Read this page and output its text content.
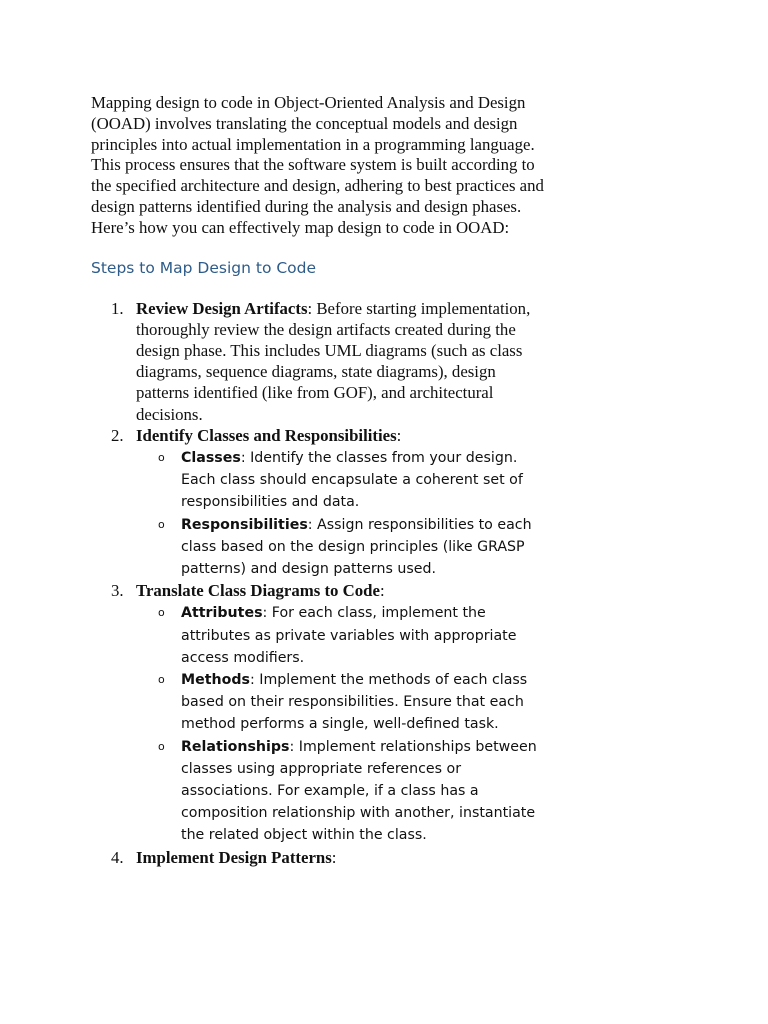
Mapping design to code in Object-Oriented Analysis and Design (OOAD) involves translating the conceptual models and design principles into actual implementation in a programming language. This process ensures that the software system is built according to the specified architecture and design, adhering to best practices and design patterns identified during the analysis and design phases. Here’s how you can effectively map design to code in OOAD:

Steps to Map Design to Code
1. Review Design Artifacts: Before starting implementation, thoroughly review the design artifacts created during the design phase. This includes UML diagrams (such as class diagrams, sequence diagrams, state diagrams), design patterns identified (like from GOF), and architectural decisions.
2. Identify Classes and Responsibilities:
o Classes: Identify the classes from your design. Each class should encapsulate a coherent set of responsibilities and data.
o Responsibilities: Assign responsibilities to each class based on the design principles (like GRASP patterns) and design patterns used.
3. Translate Class Diagrams to Code:
o Attributes: For each class, implement the attributes as private variables with appropriate access modifiers.
o Methods: Implement the methods of each class based on their responsibilities. Ensure that each method performs a single, well-defined task.
o Relationships: Implement relationships between classes using appropriate references or associations. For example, if a class has a composition relationship with another, instantiate the related object within the class.
4. Implement Design Patterns:
